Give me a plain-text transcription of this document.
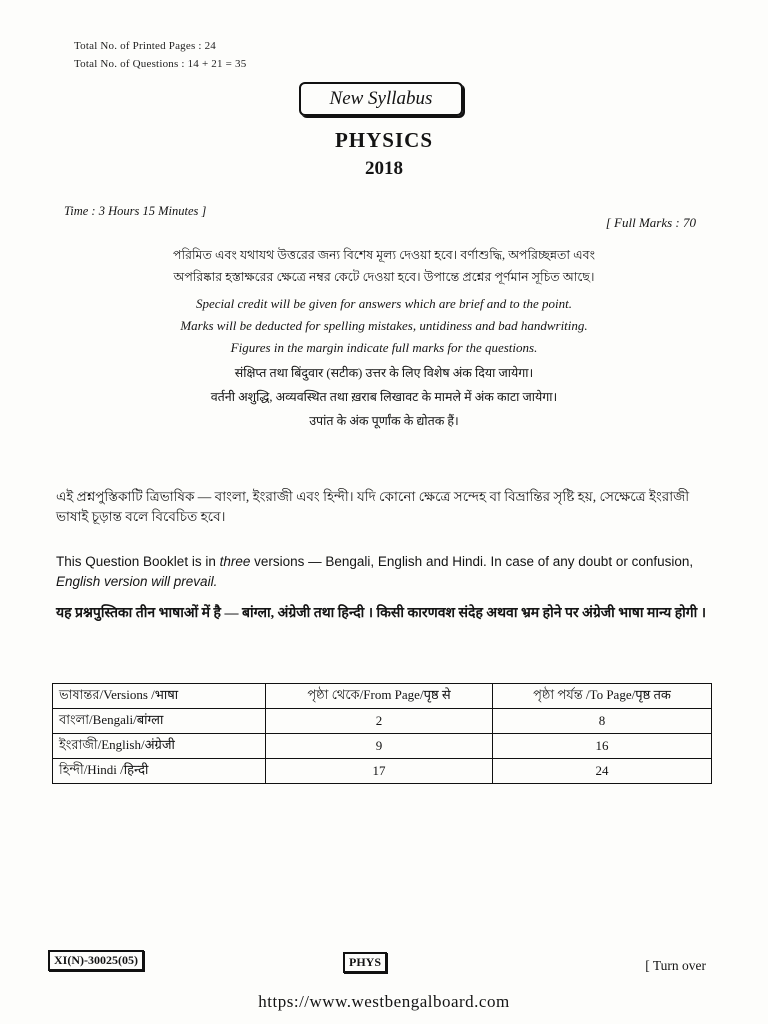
Total No. of Printed Pages : 24
Total No. of Questions : 14 + 21 = 35
New Syllabus
PHYSICS
2018
Time : 3 Hours 15 Minutes ]
[ Full Marks : 70
পরিমিত এবং যথাযথ উত্তরের জন্য বিশেষ মূল্য দেওয়া হবে। বর্ণাশুদ্ধি, অপরিচ্ছন্নতা এবং
অপরিষ্কার হস্তাক্ষরের ক্ষেত্রে নম্বর কেটে দেওয়া হবে। উপান্তে প্রশ্নের পূর্ণমান সূচিত আছে।
Special credit will be given for answers which are brief and to the point.
Marks will be deducted for spelling mistakes, untidiness and bad handwriting.
Figures in the margin indicate full marks for the questions.
संक्षिप्त तथा बिंदुवार (सटीक) उत्तर के लिए विशेष अंक दिया जायेगा।
वर्तनी अशुद्धि, अव्यवस्थित तथा ख़राब लिखावट के मामले में अंक काटा जायेगा।
उपांत के अंक पूर्णांक के द्योतक हैं।
এই প্রশ্নপুস্তিকাটি ত্রিভাষিক — বাংলা, ইংরাজী এবং হিন্দী। যদি কোনো ক্ষেত্রে সন্দেহ বা বিভ্রান্তির সৃষ্টি হয়, সেক্ষেত্রে ইংরাজী ভাষাই চূড়ান্ত বলে বিবেচিত হবে।
This Question Booklet is in three versions — Bengali, English and Hindi. In case of any doubt or confusion, English version will prevail.
यह प्रश्नपुस्तिका तीन भाषाओं में है — बांग्ला, अंग्रेजी तथा हिन्दी । किसी कारणवश संदेह अथवा भ्रम होने पर अंग्रेजी भाषा मान्य होगी ।
ভাষান্তর/Versions /भाषा	পৃষ্ঠা থেকে/From Page/पृष्ठ से	পৃষ্ঠা পর্যন্ত /To Page/पृष्ठ तक
বাংলা/Bengali/बांग्ला	2	8
ইংরাজী/English/अंग्रेजी	9	16
হিন্দী/Hindi /हिन्दी	17	24
XI(N)-30025(05)	PHYS	[ Turn over
https://www.westbengalboard.com
